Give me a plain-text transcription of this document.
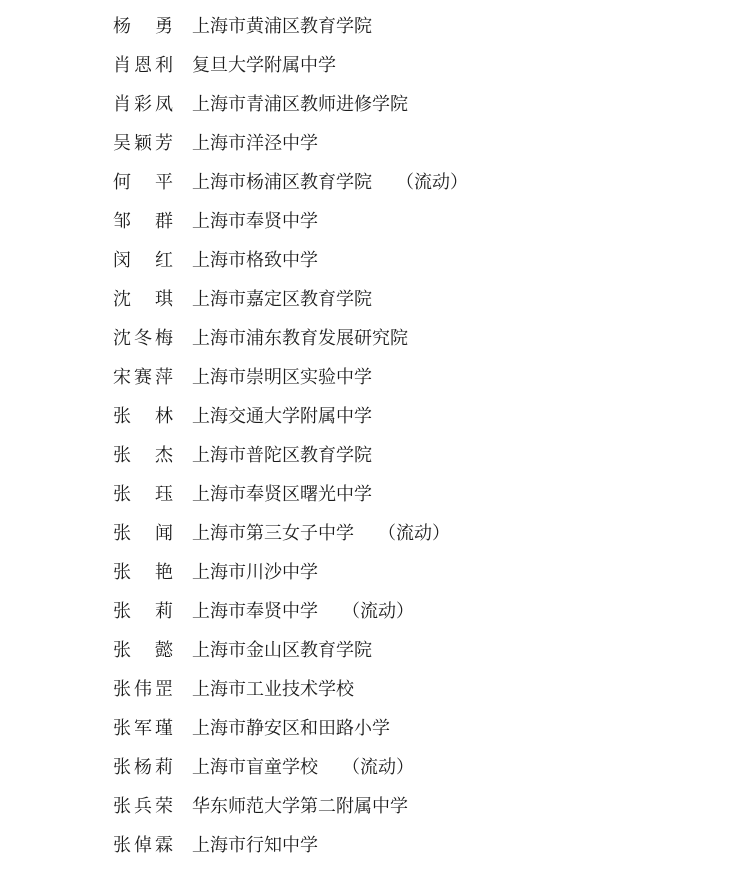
杨　勇 上海市黄浦区教育学院
肖恩利 复旦大学附属中学
肖彩凤 上海市青浦区教师进修学院
吴颖芳 上海市洋泾中学
何　平 上海市杨浦区教育学院 （流动）
邹　群 上海市奉贤中学
闵　红 上海市格致中学
沈　琪 上海市嘉定区教育学院
沈冬梅 上海市浦东教育发展研究院
宋赛萍 上海市崇明区实验中学
张　林 上海交通大学附属中学
张　杰 上海市普陀区教育学院
张　珏 上海市奉贤区曙光中学
张　闻 上海市第三女子中学 （流动）
张　艳 上海市川沙中学
张　莉 上海市奉贤中学 （流动）
张　懿 上海市金山区教育学院
张伟罡 上海市工业技术学校
张军瑾 上海市静安区和田路小学
张杨莉 上海市盲童学校 （流动）
张兵荣 华东师范大学第二附属中学
张倬霖 上海市行知中学
